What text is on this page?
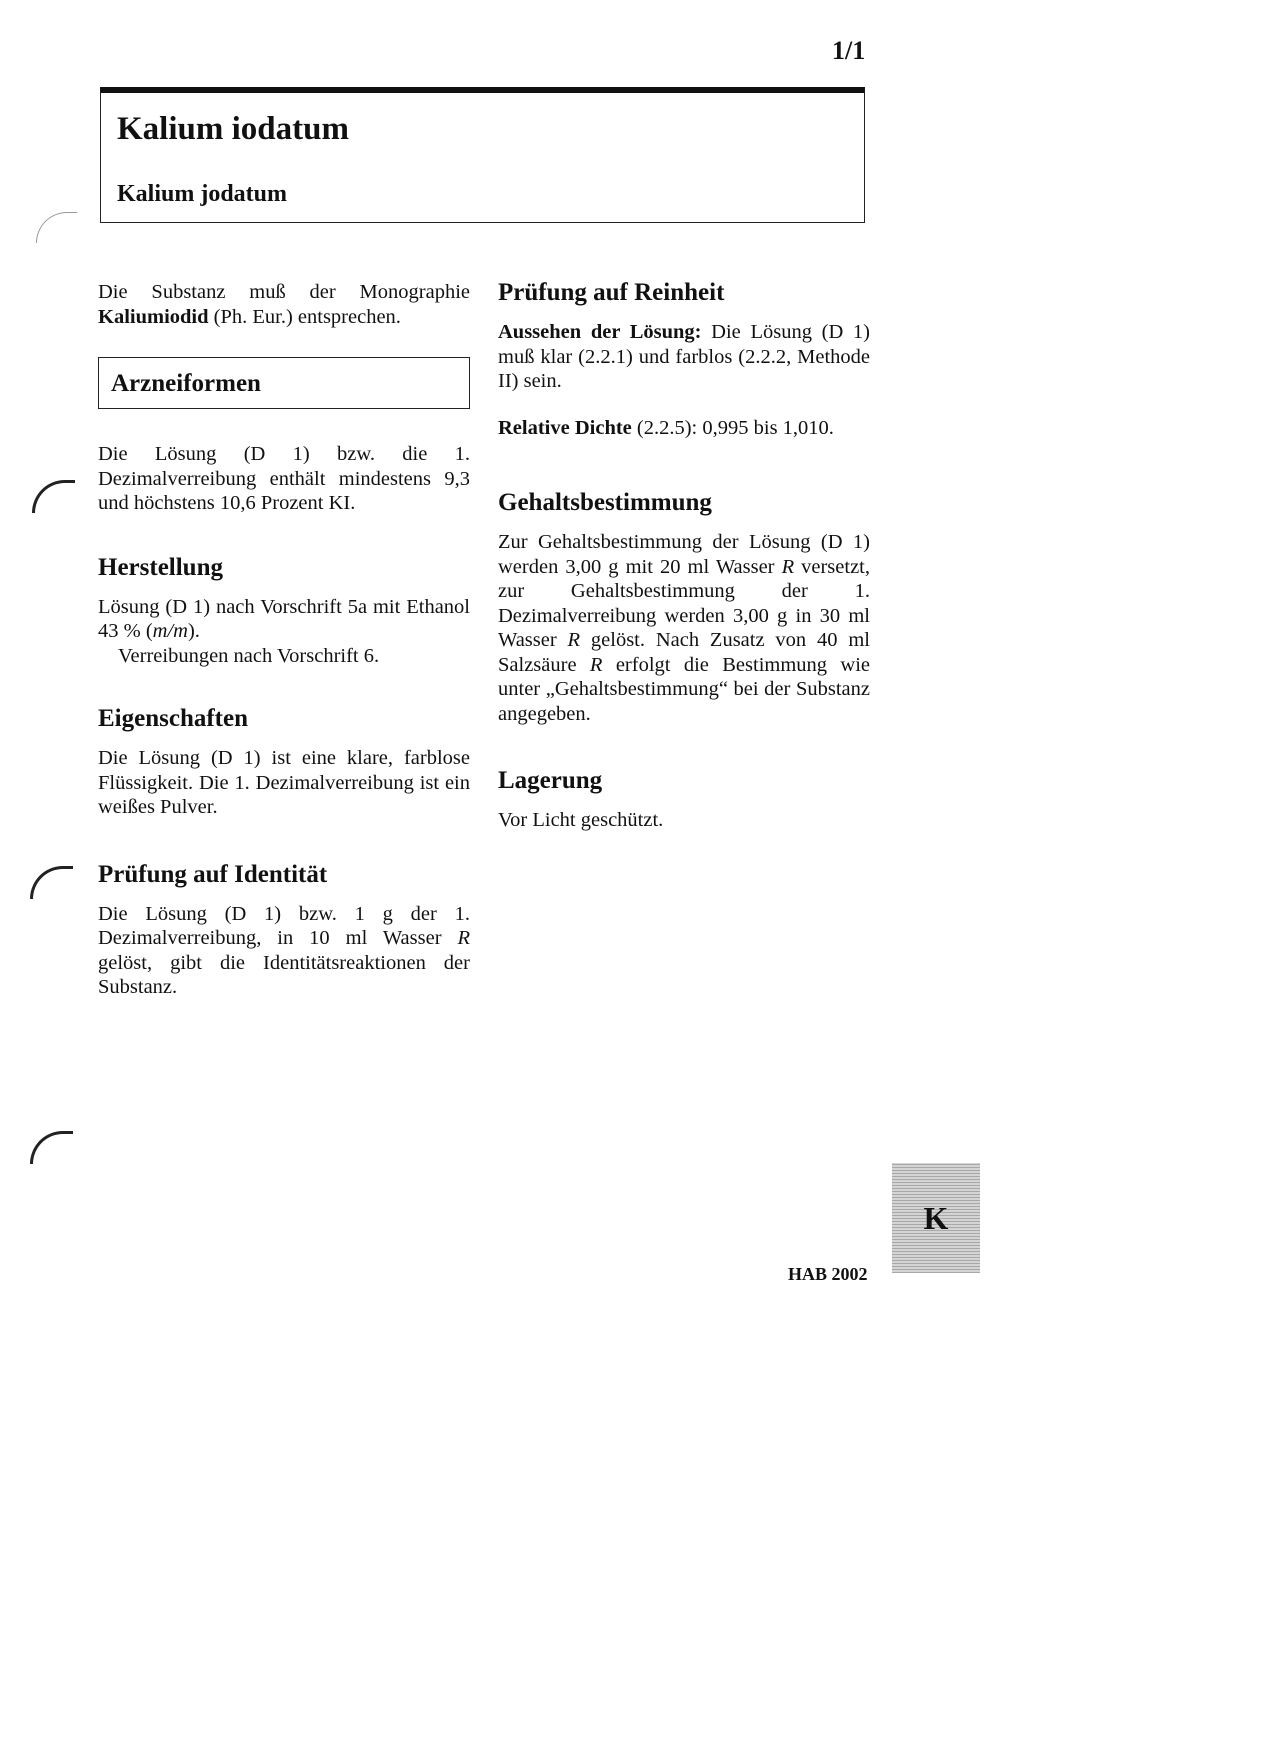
1/1
Kalium iodatum
Kalium jodatum

Die Substanz muß der Monographie Kaliumiodid (Ph. Eur.) entsprechen.

Arzneiformen

Die Lösung (D 1) bzw. die 1. Dezimalverreibung enthält mindestens 9,3 und höchstens 10,6 Prozent KI.

Herstellung

Lösung (D 1) nach Vorschrift 5a mit Ethanol 43 % (m/m).

Verreibungen nach Vorschrift 6.

Eigenschaften

Die Lösung (D 1) ist eine klare, farblose Flüssigkeit. Die 1. Dezimalverreibung ist ein weißes Pulver.

Prüfung auf Identität

Die Lösung (D 1) bzw. 1 g der 1. Dezimalverreibung, in 10 ml Wasser R gelöst, gibt die Identitätsreaktionen der Substanz.

Prüfung auf Reinheit

Aussehen der Lösung: Die Lösung (D 1) muß klar (2.2.1) und farblos (2.2.2, Methode II) sein.

Relative Dichte (2.2.5): 0,995 bis 1,010.

Gehaltsbestimmung

Zur Gehaltsbestimmung der Lösung (D 1) werden 3,00 g mit 20 ml Wasser R versetzt, zur Gehaltsbestimmung der 1. Dezimalverreibung werden 3,00 g in 30 ml Wasser R gelöst. Nach Zusatz von 40 ml Salzsäure R erfolgt die Bestimmung wie unter „Gehaltsbestimmung“ bei der Substanz angegeben.

Lagerung

Vor Licht geschützt.

K
HAB 2002
